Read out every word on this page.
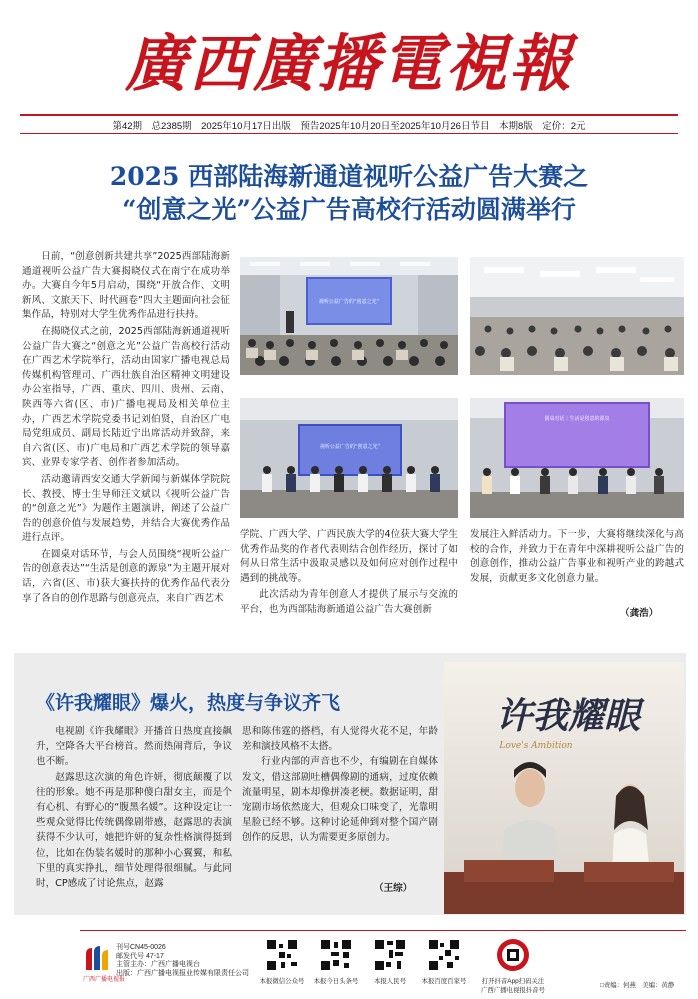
廣西廣播電視報
第42期　总2385期　2025年10月17日出版　预告2025年10月20日至2025年10月26日节目　本期8版　定价：2元
2025 西部陆海新通道视听公益广告大赛之
“创意之光”公益广告高校行活动圆满举行

日前，“创意创新共建共享”2025西部陆海新通道视听公益广告大赛揭晓仪式在南宁在成功举办。大赛自今年5月启动，围绕“开放合作、文明新风、文旅天下、时代画卷”四大主题面向社会征集作品，特别对大学生优秀作品进行扶持。

在揭晓仪式之前，2025西部陆海新通道视听公益广告大赛之“创意之光”公益广告高校行活动在广西艺术学院举行，活动由国家广播电视总局传媒机构管理司、广西壮族自治区精神文明建设办公室指导，广西、重庆、四川、贵州、云南、陕西等六省(区、市)广播电视局及相关单位主办，广西艺术学院党委书记刘伯贤，自治区广电局党组成员、副局长陆近宁出席活动并致辞，来自六省(区、市)广电局和广西艺术学院的领导嘉宾、业界专家学者、创作者参加活动。

活动邀请西安交通大学新闻与新媒体学院院长、教授、博士生导师汪文斌以《视听公益广告的“创意之光”》为题作主题演讲，阐述了公益广告的创意价值与发展趋势，并结合大赛优秀作品进行点评。

在圆桌对话环节，与会人员围绕“视听公益广告的创意表达”“生活是创意的源泉”为主题开展对话，六省(区、市)获大赛扶持的优秀作品代表分享了各自的创作思路与创意亮点，来自广西艺术

视听公益广告的“创意之光”
视听公益广告的“创意之光”
圆桌对话｜生活是创意的源泉

学院、广西大学、广西民族大学的4位获大赛大学生优秀作品奖的作者代表则结合创作经历，探讨了如何从日常生活中汲取灵感以及如何应对创作过程中遇到的挑战等。

此次活动为青年创意人才提供了展示与交流的平台，也为西部陆海新通道公益广告大赛创新

发展注入鲜活动力。下一步，大赛将继续深化与高校的合作，并致力于在青年中深耕视听公益广告的创意创作，推动公益广告事业和视听产业的跨越式发展，贡献更多文化创意力量。

（龚浩）
《许我耀眼》爆火，热度与争议齐飞

电视剧《许我耀眼》开播首日热度直接飙升，空降各大平台榜首。然而热闹背后，争议也不断。

赵露思这次演的角色许妍，彻底颠覆了以往的形象。她不再是那种傻白甜女主，而是个有心机、有野心的“腹黑名媛”。这种设定让一些观众觉得比传统偶像剧带感，赵露思的表演获得不少认可，她把许妍的复杂性格演得挺到位，比如在伪装名媛时的那种小心翼翼，和私下里的真实挣扎，细节处理得很细腻。与此同时，CP感成了讨论焦点，赵露

思和陈伟霆的搭档，有人觉得火花不足，年龄差和演技风格不太搭。

行业内部的声音也不少，有编剧在自媒体发文，借这部剧吐槽偶像剧的通病，过度依赖流量明星，剧本却像拼凑老梗。数据证明，甜宠剧市场依然庞大，但观众口味变了，光靠明星脸已经不够。这种讨论延伸到对整个国产剧创作的反思，认为需要更多原创力。

（王综）
许我耀眼
Love's Ambition
广西广播电视报
刊号CN45-0026
邮发代号 47-17
主管主办：广西广播电视台
出版：广西广播电视报业传媒有限责任公司
本报微信公众号 本报今日头条号	本报人民号	本报百度百家号 打开抖音App扫码关注
广西广播电视报抖音号
□责编：何燕　美编：黄静
